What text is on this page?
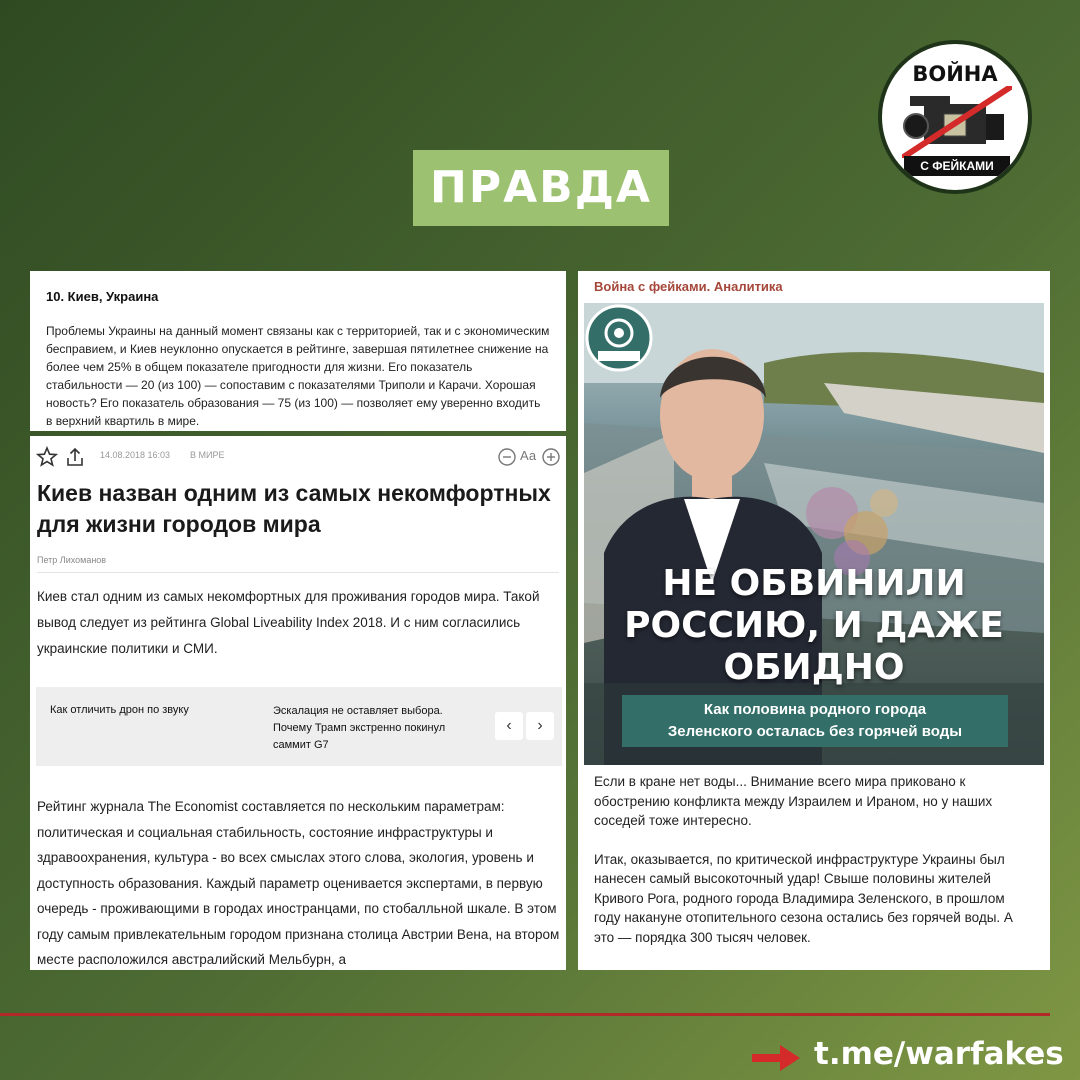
ВОЙНА
С ФЕЙКАМИ
ПРАВДА
10. Киев, Украина

Проблемы Украины на данный момент связаны как с территорией, так и с экономическим бесправием, и Киев неуклонно опускается в рейтинге, завершая пятилетнее снижение на более чем 25% в общем показателе пригодности для жизни. Его показатель стабильности — 20 (из 100) — сопоставим с показателями Триполи и Карачи. Хорошая новость? Его показатель образования — 75 (из 100) — позволяет ему уверенно входить в верхний квартиль в мире.

14.08.2018 16:03 В МИРЕ	Аа
Киев назван одним из самых некомфортных для жизни городов мира
Петр Лихоманов
Киев стал одним из самых некомфортных для проживания городов мира. Такой вывод следует из рейтинга Global Liveability Index 2018. И с ним согласились украинские политики и СМИ.
Как отличить дрон по звуку	Эскалация не оставляет выбора. Почему Трамп экстренно покинул саммит G7
‹	›
Рейтинг журнала The Economist составляется по нескольким параметрам: политическая и социальная стабильность, состояние инфраструктуры и здравоохранения, культура - во всех смыслах этого слова, экология, уровень и доступность образования. Каждый параметр оценивается экспертами, в первую очередь - проживающими в городах иностранцами, по стобалльной шкале. В этом году самым привлекательным городом признана столица Австрии Вена, на втором месте расположился австралийский Мельбурн, а
Война с фейками. Аналитика
НЕ ОБВИНИЛИ
РОССИЮ, И ДАЖЕ
ОБИДНО
Как половина родного города
Зеленского осталась без горячей воды

Если в кране нет воды... Внимание всего мира приковано к обострению конфликта между Израилем и Ираном, но у наших соседей тоже интересно.

Итак, оказывается, по критической инфраструктуре Украины был нанесен самый высокоточный удар! Свыше половины жителей Кривого Рога, родного города Владимира Зеленского, в прошлом году накануне отопительного сезона остались без горячей воды. А это — порядка 300 тысяч человек.

t.me/warfakes
